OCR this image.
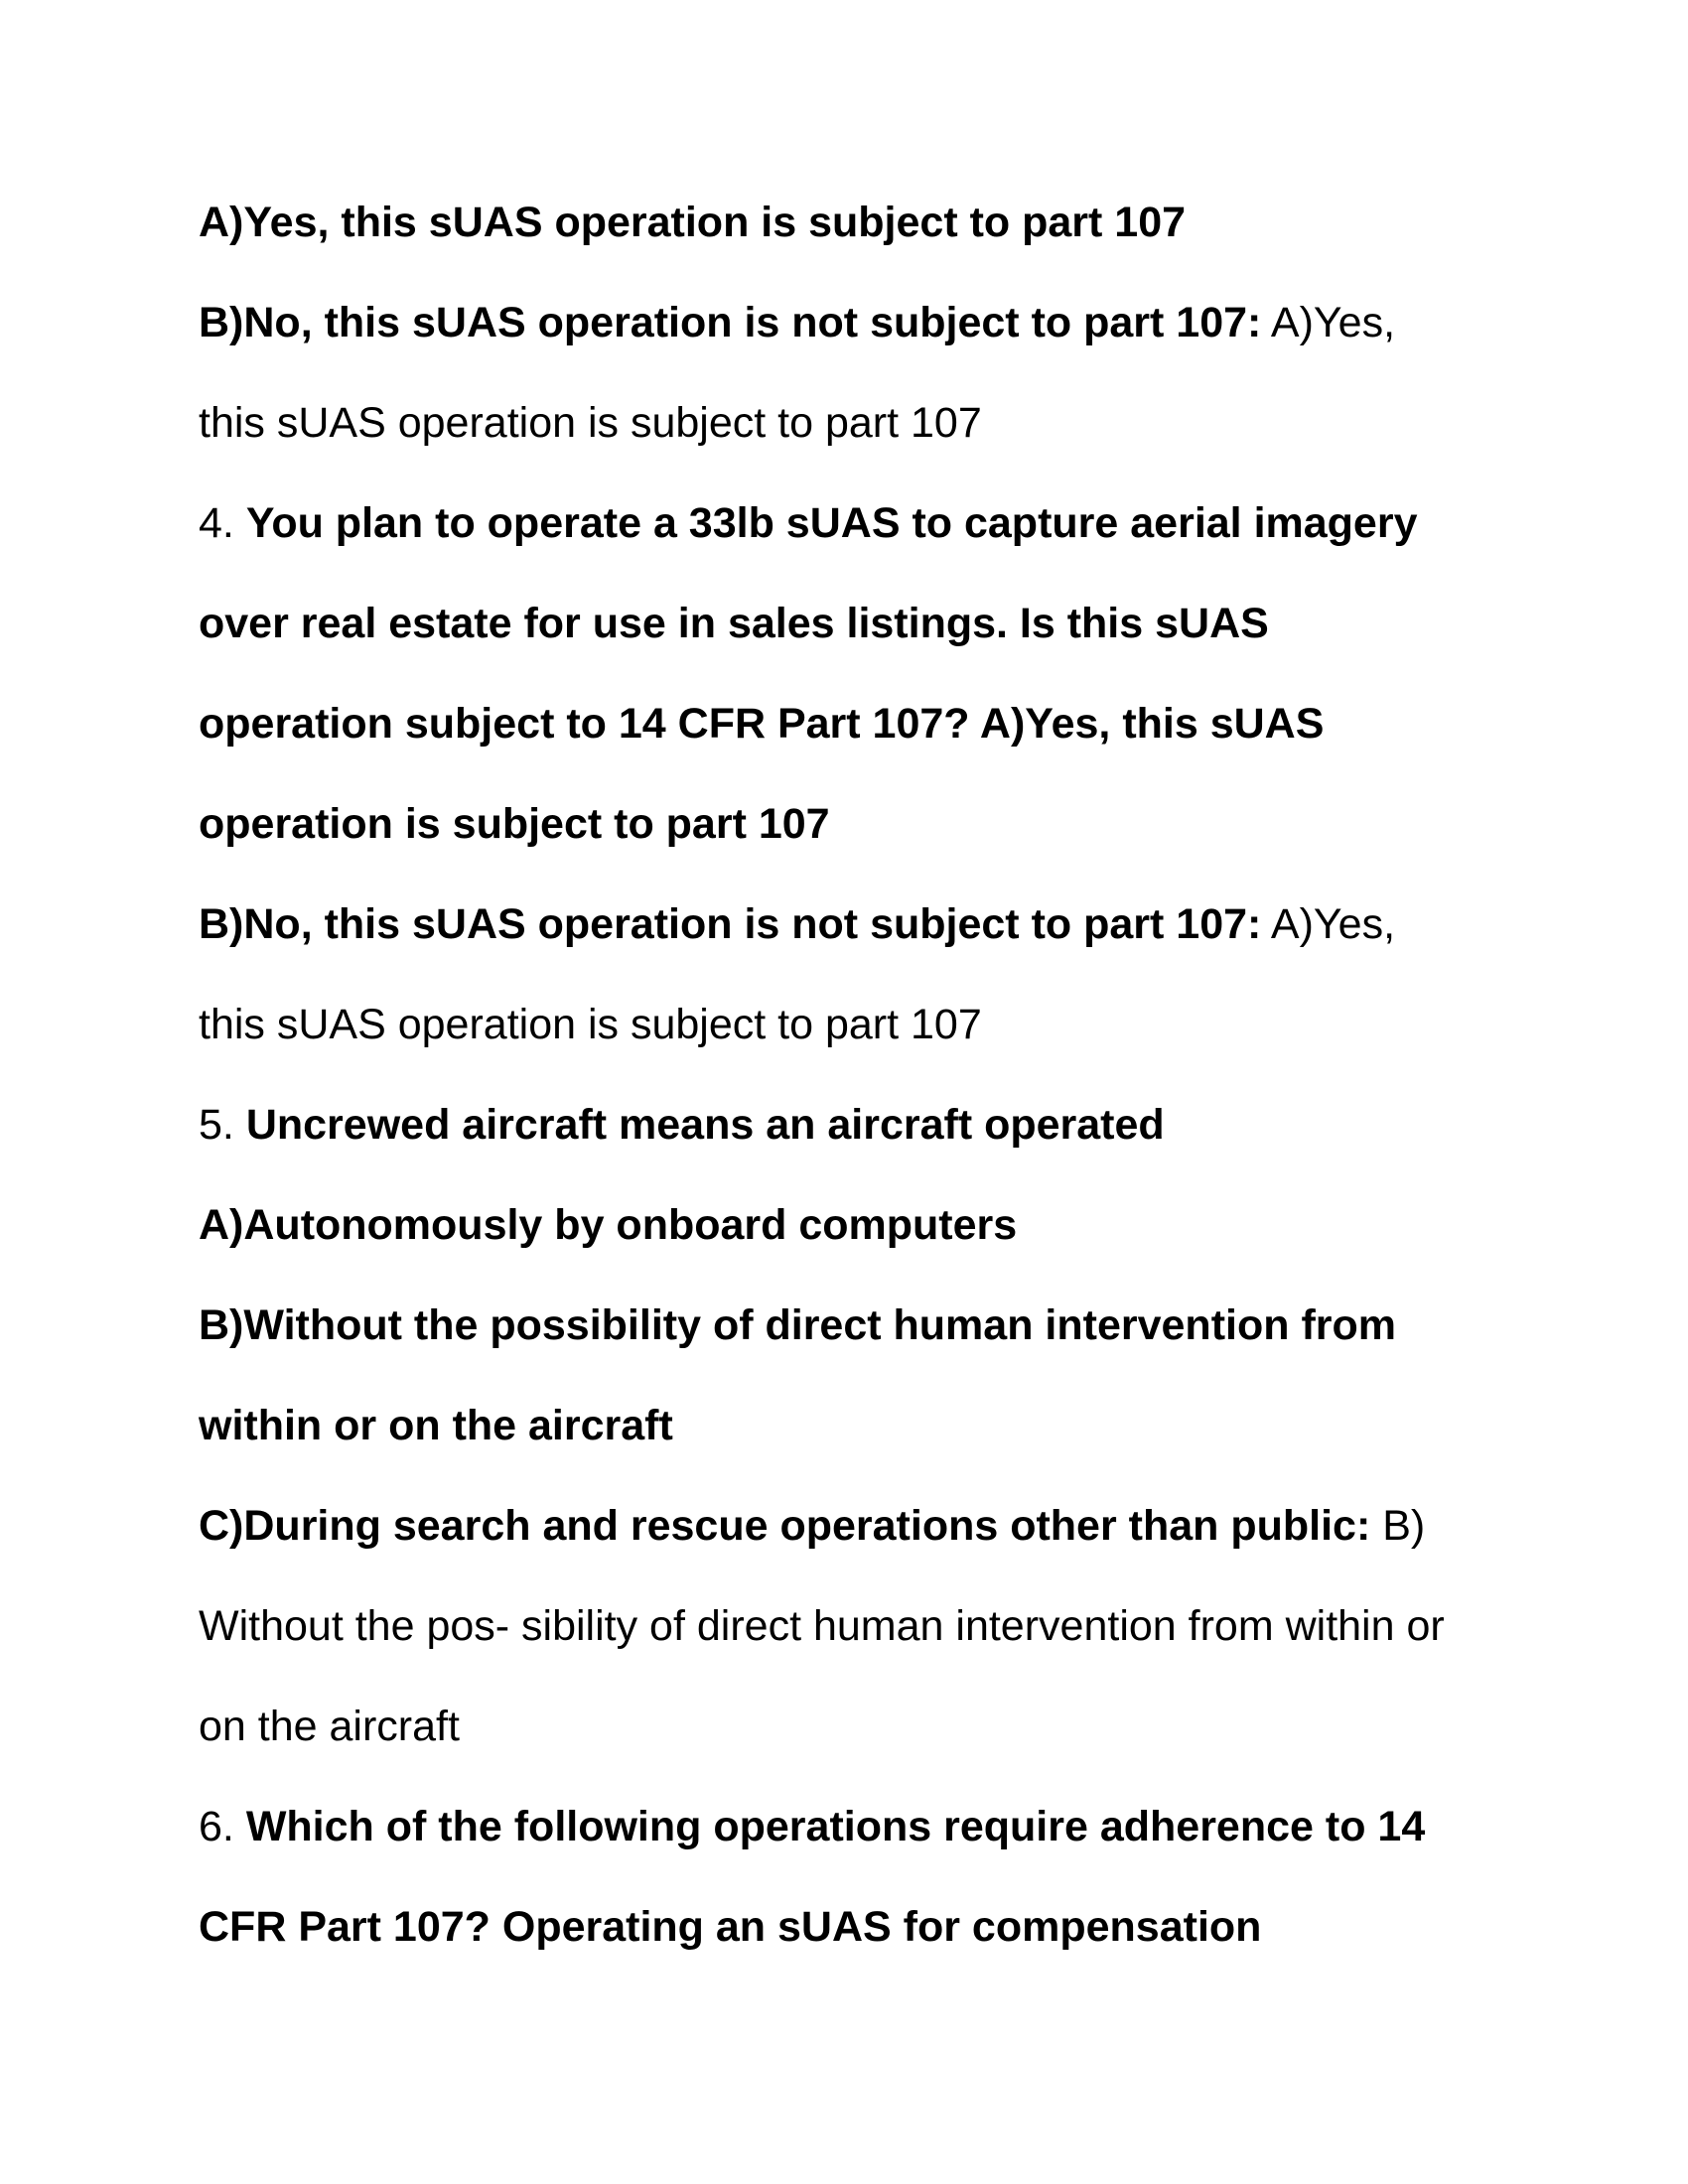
A)Yes, this sUAS operation is subject to part 107
B)No, this sUAS operation is not subject to part 107: A)Yes,
this sUAS operation is subject to part 107
4. You plan to operate a 33lb sUAS to capture aerial imagery
over real estate for use in sales listings. Is this sUAS
operation subject to 14 CFR Part 107? A)Yes, this sUAS
operation is subject to part 107
B)No, this sUAS operation is not subject to part 107: A)Yes,
this sUAS operation is subject to part 107
5. Uncrewed aircraft means an aircraft operated
A)Autonomously by onboard computers
B)Without the possibility of direct human intervention from
within or on the aircraft
C)During search and rescue operations other than public: B)
Without the pos- sibility of direct human intervention from within or
on the aircraft
6. Which of the following operations require adherence to 14
CFR Part 107? Operating an sUAS for compensation
